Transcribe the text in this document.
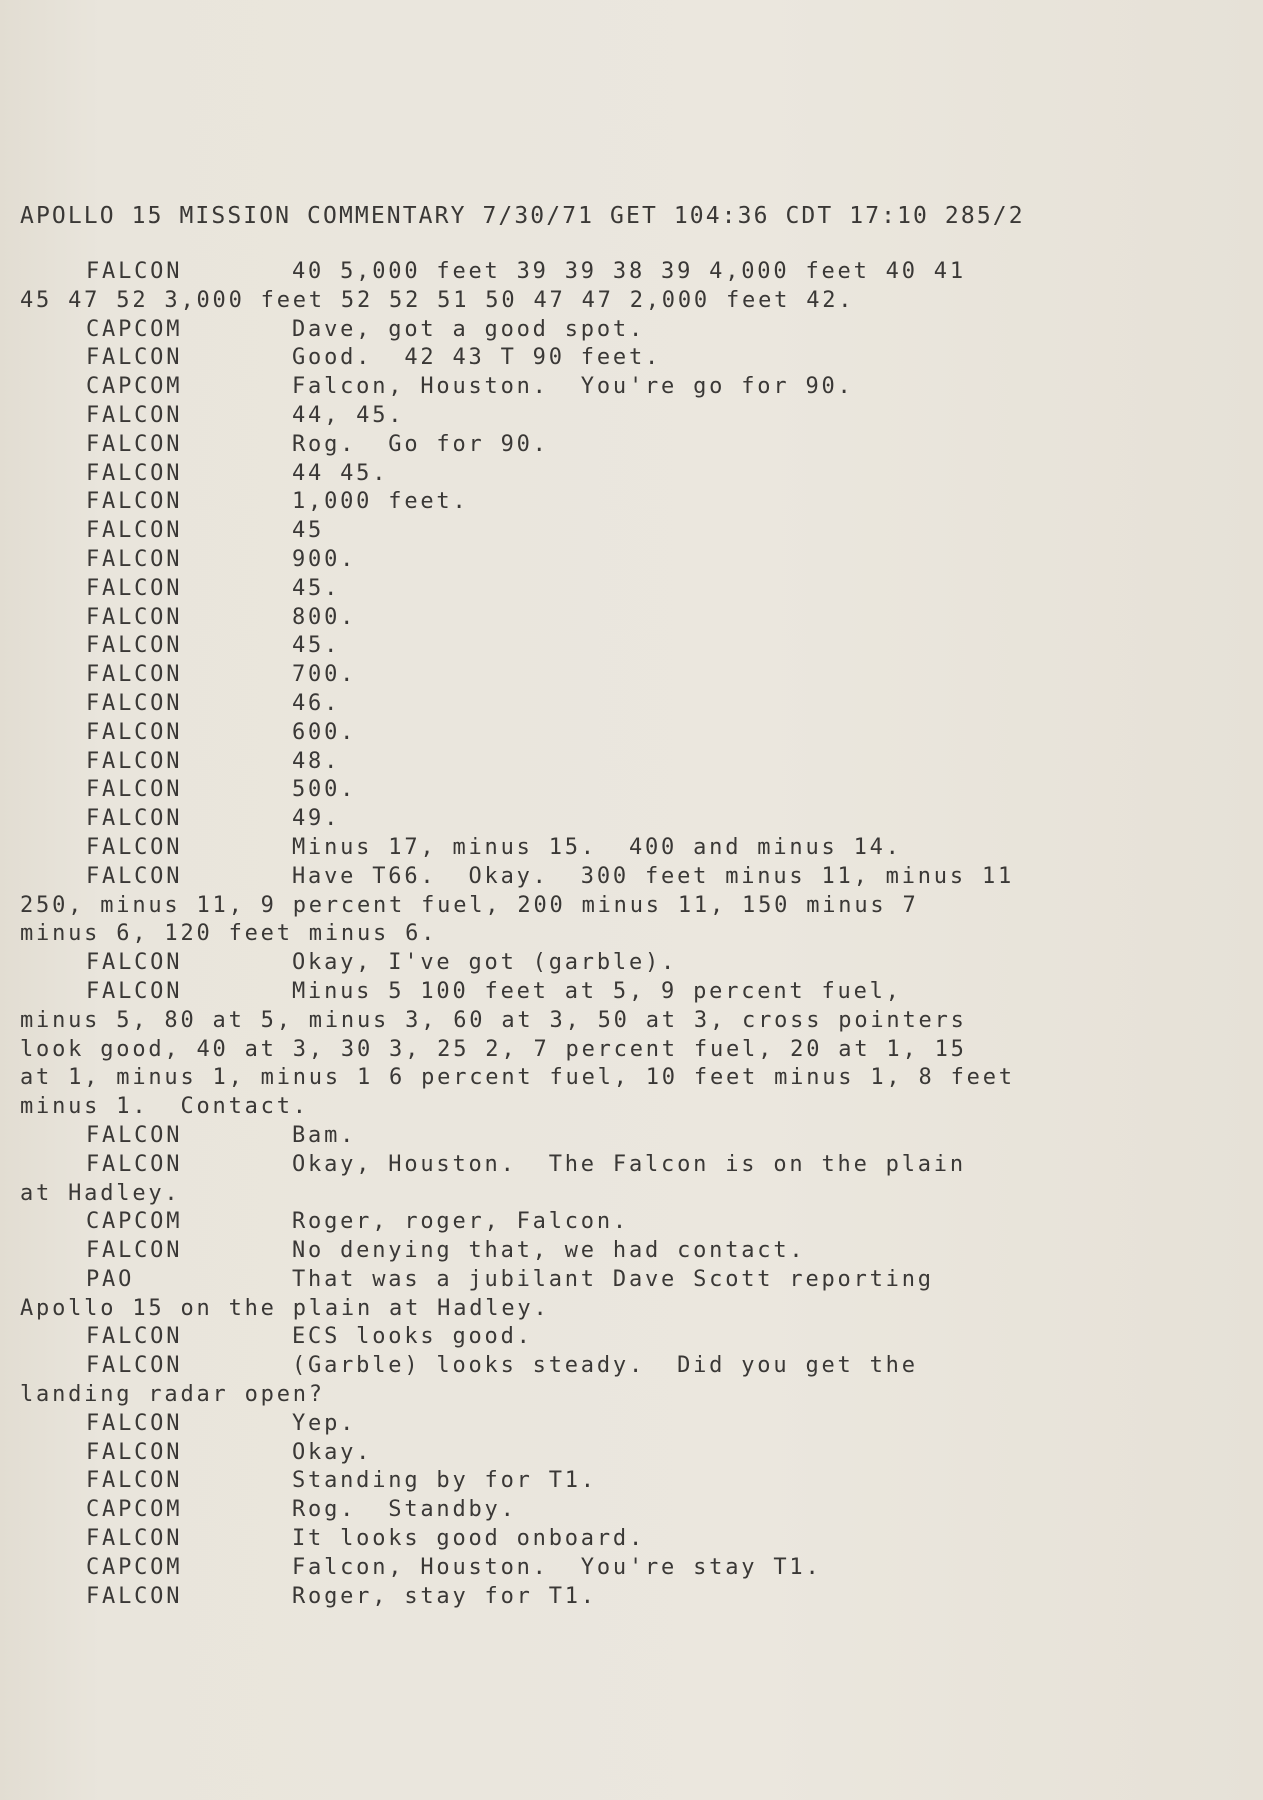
APOLLO 15 MISSION COMMENTARY 7/30/71 GET 104:36 CDT 17:10 285/2
FALCON	40 5,000 feet 39 39 38 39 4,000 feet 40 41
45 47 52 3,000 feet 52 52 51 50 47 47 2,000 feet 42.
CAPCOM	Dave, got a good spot.
FALCON	Good.  42 43 T 90 feet.
CAPCOM	Falcon, Houston.  You're go for 90.
FALCON	44, 45.
FALCON	Rog.  Go for 90.
FALCON	44 45.
FALCON	1,000 feet.
FALCON	45
FALCON	900.
FALCON	45.
FALCON	800.
FALCON	45.
FALCON	700.
FALCON	46.
FALCON	600.
FALCON	48.
FALCON	500.
FALCON	49.
FALCON	Minus 17, minus 15.  400 and minus 14.
FALCON	Have T66.  Okay.  300 feet minus 11, minus 11
250, minus 11, 9 percent fuel, 200 minus 11, 150 minus 7
minus 6, 120 feet minus 6.
FALCON	Okay, I've got (garble).
FALCON	Minus 5 100 feet at 5, 9 percent fuel,
minus 5, 80 at 5, minus 3, 60 at 3, 50 at 3, cross pointers
look good, 40 at 3, 30 3, 25 2, 7 percent fuel, 20 at 1, 15
at 1, minus 1, minus 1 6 percent fuel, 10 feet minus 1, 8 feet
minus 1.  Contact.
FALCON	Bam.
FALCON	Okay, Houston.  The Falcon is on the plain
at Hadley.
CAPCOM	Roger, roger, Falcon.
FALCON	No denying that, we had contact.
PAO	That was a jubilant Dave Scott reporting
Apollo 15 on the plain at Hadley.
FALCON	ECS looks good.
FALCON	(Garble) looks steady.  Did you get the
landing radar open?
FALCON	Yep.
FALCON	Okay.
FALCON	Standing by for T1.
CAPCOM	Rog.  Standby.
FALCON	It looks good onboard.
CAPCOM	Falcon, Houston.  You're stay T1.
FALCON	Roger, stay for T1.
